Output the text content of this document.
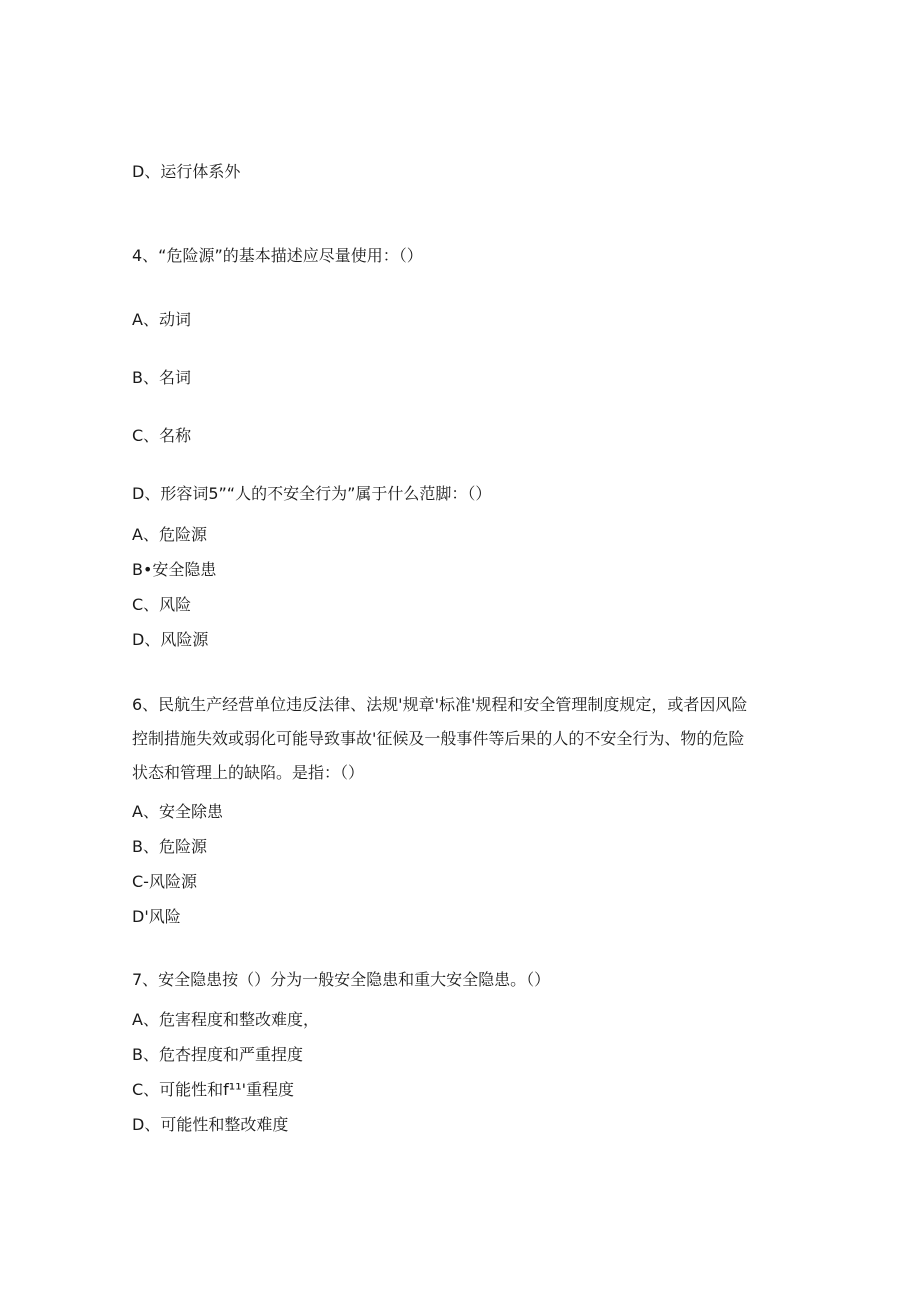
D、运行体系外

4、“危险源”的基本描述应尽量使用：（）

A、动词

B、名词

C、名称

D、形容词5”“人的不安全行为”属于什么范脚：（）

A、危险源

B•安全隐患

C、风险

D、风险源

6、民航生产经营单位违反法律、法规'规章'标准'规程和安全管理制度规定，或者因风险
控制措施失效或弱化可能导致事故'征候及一般事件等后果的人的不安全行为、物的危险
状态和管理上的缺陷。是指：（）

A、安全除患

B、危险源

C-风险源

D'风险

7、安全隐患按（）分为一般安全隐患和重大安全隐患。（）

A、危害程度和整改难度，

B、危杏捏度和严重捏度

C、可能性和f¹¹'重程度

D、可能性和整改难度
